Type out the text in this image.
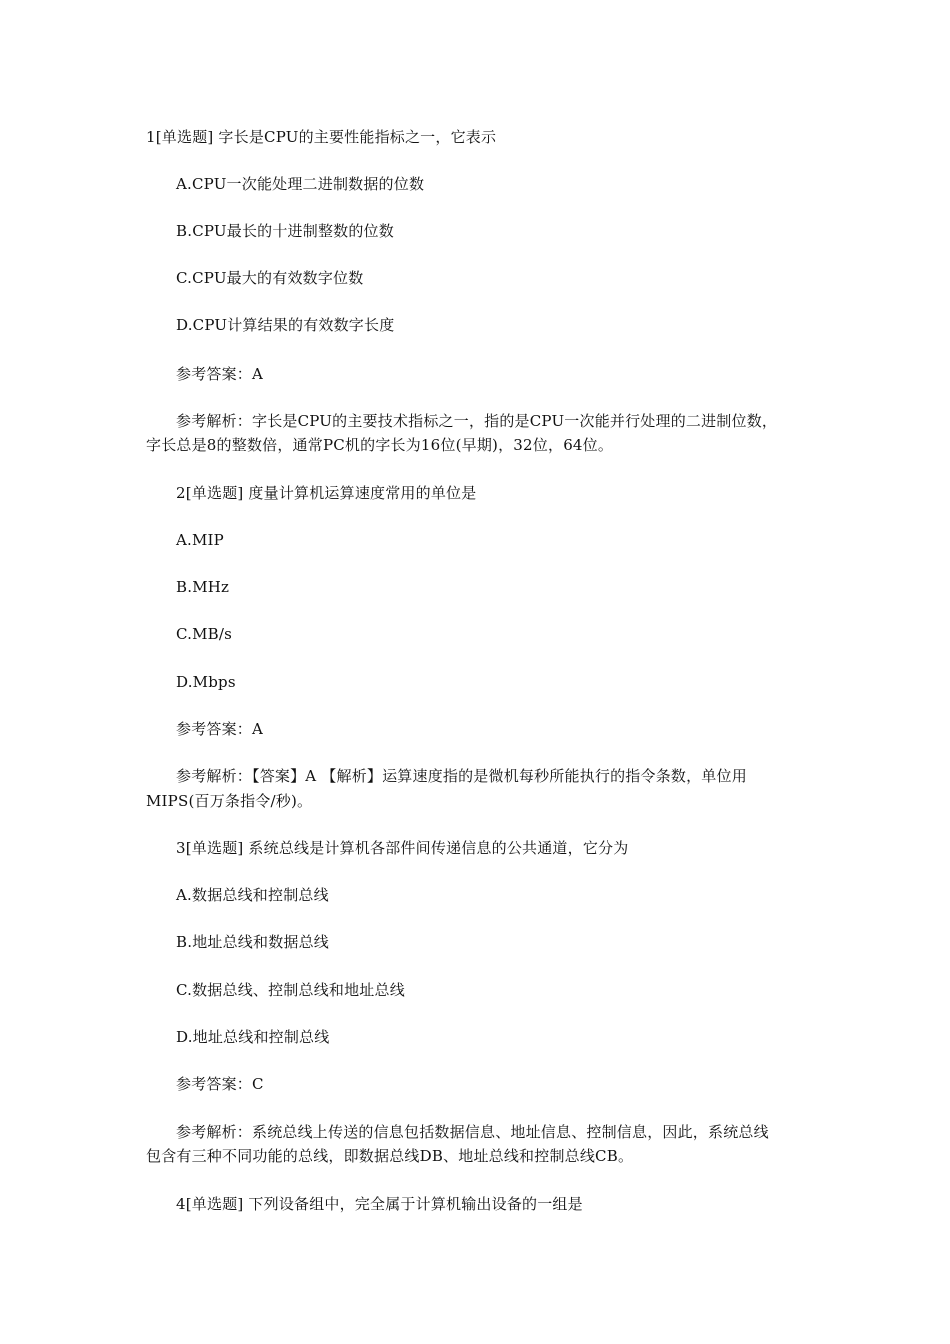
1[单选题] 字长是CPU的主要性能指标之一，它表示
A.CPU一次能处理二进制数据的位数
B.CPU最长的十进制整数的位数
C.CPU最大的有效数字位数
D.CPU计算结果的有效数字长度
参考答案：A
参考解析：字长是CPU的主要技术指标之一，指的是CPU一次能并行处理的二进制位数，
字长总是8的整数倍，通常PC机的字长为16位(早期)，32位，64位。
2[单选题] 度量计算机运算速度常用的单位是
A.MIP
B.MHz
C.MB/s
D.Mbps
参考答案：A
参考解析：【答案】A 【解析】运算速度指的是微机每秒所能执行的指令条数，单位用
MIPS(百万条指令/秒)。
3[单选题] 系统总线是计算机各部件间传递信息的公共通道，它分为
A.数据总线和控制总线
B.地址总线和数据总线
C.数据总线、控制总线和地址总线
D.地址总线和控制总线
参考答案：C
参考解析：系统总线上传送的信息包括数据信息、地址信息、控制信息，因此，系统总线
包含有三种不同功能的总线，即数据总线DB、地址总线和控制总线CB。
4[单选题] 下列设备组中，完全属于计算机输出设备的一组是
